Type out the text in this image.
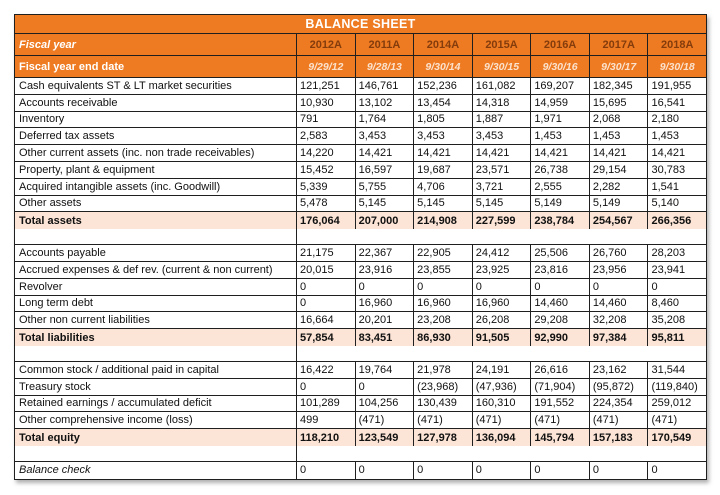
BALANCE SHEET
Fiscal year	2012A	2011A	2014A	2015A	2016A	2017A	2018A
Fiscal year end date	9/29/12	9/28/13	9/30/14	9/30/15	9/30/16	9/30/17	9/30/18
Cash equivalents ST & LT market securities	121,251	146,761	152,236	161,082	169,207	182,345	191,955
Accounts receivable	10,930	13,102	13,454	14,318	14,959	15,695	16,541
Inventory	791	1,764	1,805	1,887	1,971	2,068	2,180
Deferred tax assets	2,583	3,453	3,453	3,453	1,453	1,453	1,453
Other current assets (inc. non trade receivables)	14,220	14,421	14,421	14,421	14,421	14,421	14,421
Property, plant & equipment	15,452	16,597	19,687	23,571	26,738	29,154	30,783
Acquired intangible assets (inc. Goodwill)	5,339	5,755	4,706	3,721	2,555	2,282	1,541
Other assets	5,478	5,145	5,145	5,145	5,149	5,149	5,140
Total assets	176,064	207,000	214,908	227,599	238,784	254,567	266,356
Accounts payable	21,175	22,367	22,905	24,412	25,506	26,760	28,203
Accrued expenses & def rev. (current & non current)	20,015	23,916	23,855	23,925	23,816	23,956	23,941
Revolver	0	0	0	0	0	0	0
Long term debt	0	16,960	16,960	16,960	14,460	14,460	8,460
Other non current liabilities	16,664	20,201	23,208	26,208	29,208	32,208	35,208
Total liabilities	57,854	83,451	86,930	91,505	92,990	97,384	95,811
Common stock / additional paid in capital	16,422	19,764	21,978	24,191	26,616	23,162	31,544
Treasury stock	0	0	(23,968)	(47,936)	(71,904)	(95,872)	(119,840)
Retained earnings / accumulated deficit	101,289	104,256	130,439	160,310	191,552	224,354	259,012
Other comprehensive income (loss)	499	(471)	(471)	(471)	(471)	(471)	(471)
Total equity	118,210	123,549	127,978	136,094	145,794	157,183	170,549
Balance check	0	0	0	0	0	0	0
